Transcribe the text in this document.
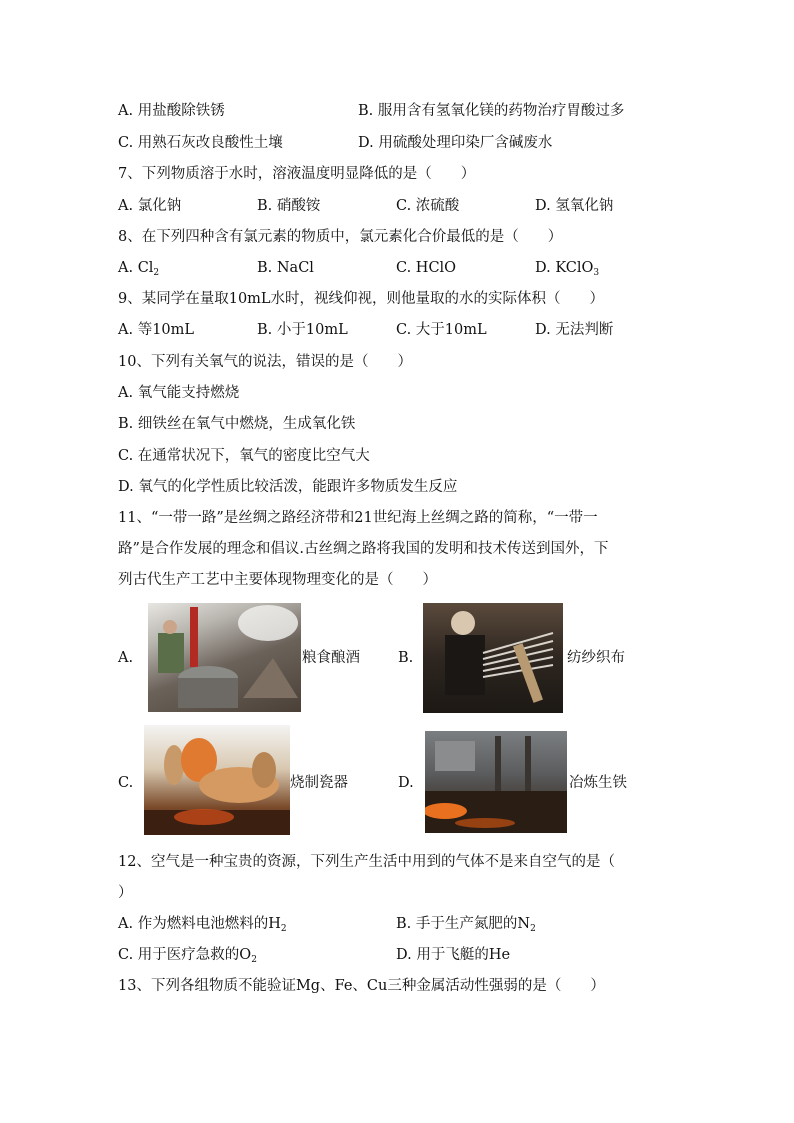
A. 用盐酸除铁锈	B. 服用含有氢氧化镁的药物治疗胃酸过多
C. 用熟石灰改良酸性土壤	D. 用硫酸处理印染厂含碱废水
7、下列物质溶于水时，溶液温度明显降低的是（　　）
A. 氯化钠	B. 硝酸铵	C. 浓硫酸	D. 氢氧化钠
8、在下列四种含有氯元素的物质中，氯元素化合价最低的是（　　）
A. $Cl_2$	B. NaCl	C. HClO	D. KClO$_3$
9、某同学在量取10mL水时，视线仰视，则他量取的水的实际体积（　　）
A. 等10mL	B. 小于10mL	C. 大于10mL	D. 无法判断
10、下列有关氧气的说法，错误的是（　　）
A. 氧气能支持燃烧
B. 细铁丝在氧气中燃烧，生成氧化铁
C. 在通常状况下，氧气的密度比空气大
D. 氧气的化学性质比较活泼，能跟许多物质发生反应
11、“一带一路”是丝绸之路经济带和21世纪海上丝绸之路的简称，“一带一
路”是合作发展的理念和倡议.古丝绸之路将我国的发明和技术传送到国外，下
列古代生产工艺中主要体现物理变化的是（　　）
A.	粮食酿酒	B.	纺纱织布
C.	烧制瓷器	D.	冶炼生铁
12、空气是一种宝贵的资源，下列生产生活中用到的气体不是来自空气的是（
）
A. 作为燃料电池燃料的$H_2$	B. 手于生产氮肥的$N_2$
C. 用于医疗急救的$O_2$	D. 用于飞艇的He
13、下列各组物质不能验证Mg、Fe、Cu三种金属活动性强弱的是（　　）
